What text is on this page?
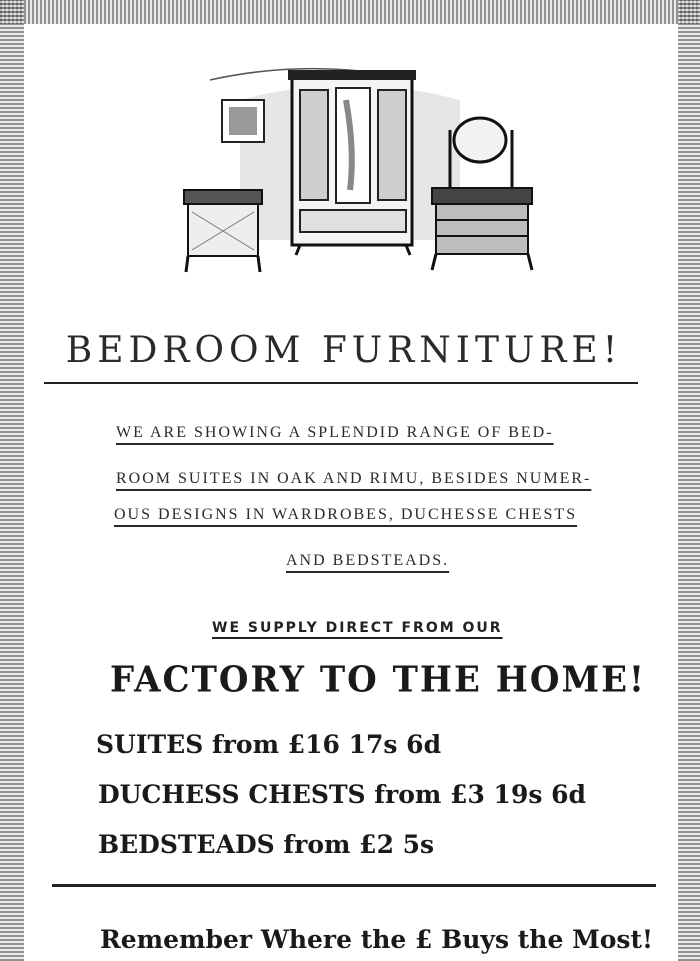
BEDROOM FURNITURE!
WE ARE SHOWING A SPLENDID RANGE OF BED-
ROOM SUITES IN OAK AND RIMU, BESIDES NUMER-
OUS DESIGNS IN WARDROBES, DUCHESSE CHESTS
AND BEDSTEADS.
WE SUPPLY DIRECT FROM OUR
FACTORY TO THE HOME!
SUITES from £16 17s 6d
DUCHESS CHESTS from £3 19s 6d
BEDSTEADS from £2 5s
Remember Where the £ Buys the Most!
